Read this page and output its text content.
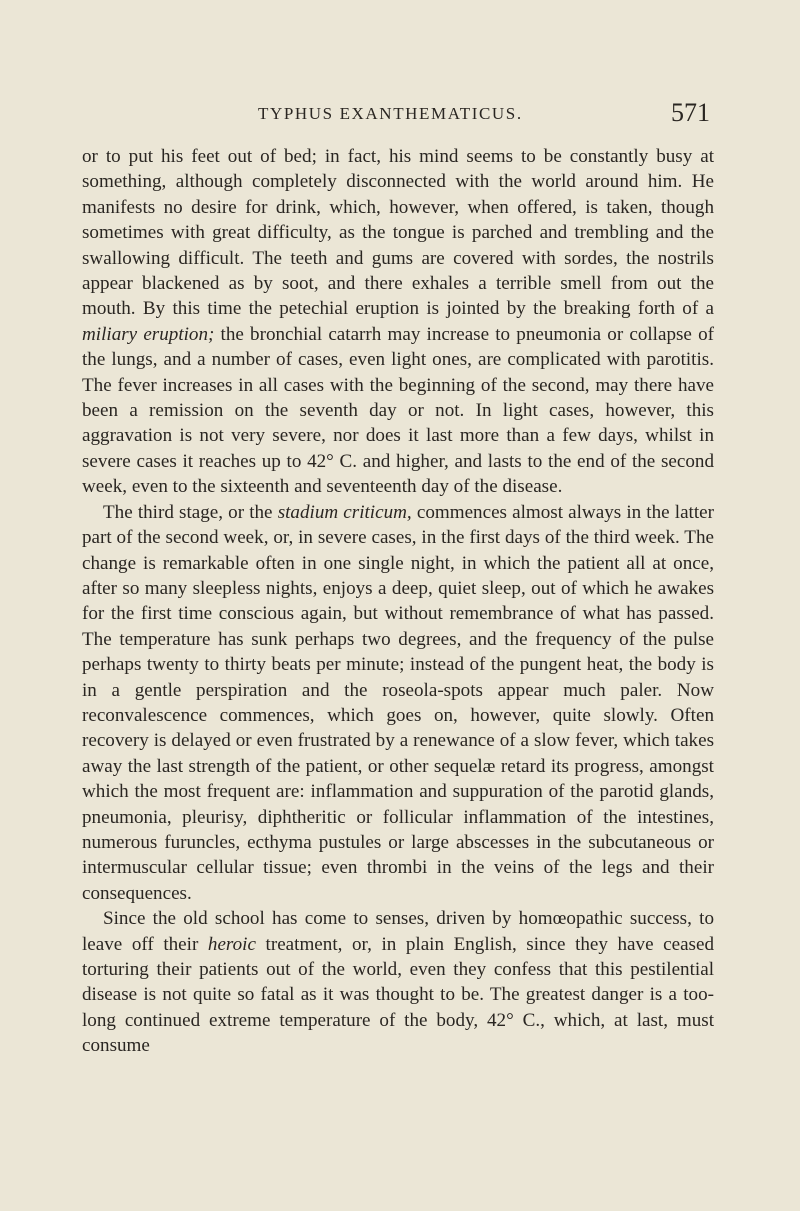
TYPHUS EXANTHEMATICUS.	571

or to put his feet out of bed; in fact, his mind seems to be constantly busy at something, although completely disconnected with the world around him. He manifests no desire for drink, which, however, when offered, is taken, though sometimes with great difficulty, as the tongue is parched and trembling and the swallowing difficult. The teeth and gums are covered with sordes, the nostrils appear blackened as by soot, and there exhales a terrible smell from out the mouth. By this time the petechial eruption is jointed by the breaking forth of a miliary eruption; the bronchial catarrh may increase to pneumonia or collapse of the lungs, and a number of cases, even light ones, are complicated with parotitis. The fever increases in all cases with the beginning of the second, may there have been a remission on the seventh day or not. In light cases, however, this aggravation is not very severe, nor does it last more than a few days, whilst in severe cases it reaches up to 42° C. and higher, and lasts to the end of the second week, even to the sixteenth and seventeenth day of the disease.

The third stage, or the stadium criticum, commences almost always in the latter part of the second week, or, in severe cases, in the first days of the third week. The change is remarkable often in one single night, in which the patient all at once, after so many sleepless nights, enjoys a deep, quiet sleep, out of which he awakes for the first time conscious again, but without remembrance of what has passed. The temperature has sunk perhaps two degrees, and the frequency of the pulse perhaps twenty to thirty beats per minute; instead of the pungent heat, the body is in a gentle perspiration and the roseola-spots appear much paler. Now reconvalescence commences, which goes on, however, quite slowly. Often recovery is delayed or even frustrated by a renewance of a slow fever, which takes away the last strength of the patient, or other sequelæ retard its progress, amongst which the most frequent are: inflammation and suppuration of the parotid glands, pneumonia, pleurisy, diphtheritic or follicular inflammation of the intestines, numerous furuncles, ecthyma pustules or large abscesses in the subcutaneous or intermuscular cellular tissue; even thrombi in the veins of the legs and their consequences.

Since the old school has come to senses, driven by homœopathic success, to leave off their heroic treatment, or, in plain English, since they have ceased torturing their patients out of the world, even they confess that this pestilential disease is not quite so fatal as it was thought to be. The greatest danger is a too-long continued extreme temperature of the body, 42° C., which, at last, must consume
